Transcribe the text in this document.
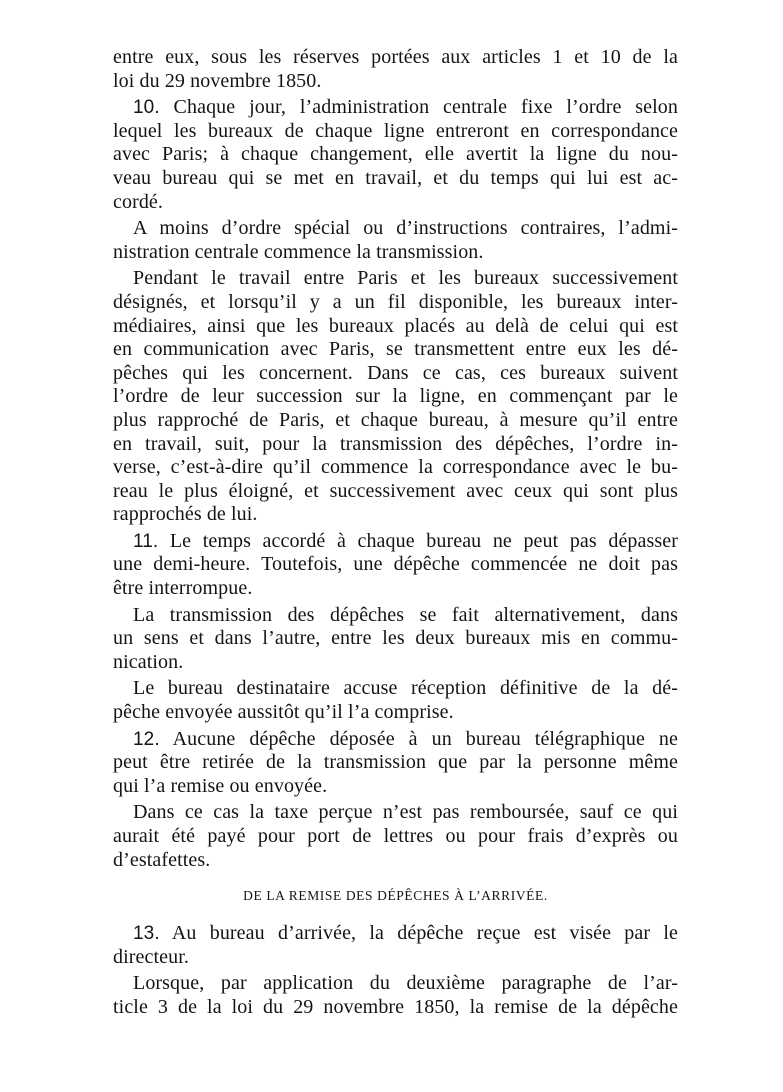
entre eux, sous les réserves portées aux articles 1 et 10 de la
loi du 29 novembre 1850.
10. Chaque jour, l’administration centrale fixe l’ordre selon
lequel les bureaux de chaque ligne entreront en correspondance
avec Paris; à chaque changement, elle avertit la ligne du nou-
veau bureau qui se met en travail, et du temps qui lui est ac-
cordé.
A moins d’ordre spécial ou d’instructions contraires, l’admi-
nistration centrale commence la transmission.
Pendant le travail entre Paris et les bureaux successivement
désignés, et lorsqu’il y a un fil disponible, les bureaux inter-
médiaires, ainsi que les bureaux placés au delà de celui qui est
en communication avec Paris, se transmettent entre eux les dé-
pêches qui les concernent. Dans ce cas, ces bureaux suivent
l’ordre de leur succession sur la ligne, en commençant par le
plus rapproché de Paris, et chaque bureau, à mesure qu’il entre
en travail, suit, pour la transmission des dépêches, l’ordre in-
verse, c’est-à-dire qu’il commence la correspondance avec le bu-
reau le plus éloigné, et successivement avec ceux qui sont plus
rapprochés de lui.
11. Le temps accordé à chaque bureau ne peut pas dépasser
une demi-heure. Toutefois, une dépêche commencée ne doit pas
être interrompue.
La transmission des dépêches se fait alternativement, dans
un sens et dans l’autre, entre les deux bureaux mis en commu-
nication.
Le bureau destinataire accuse réception définitive de la dé-
pêche envoyée aussitôt qu’il l’a comprise.
12. Aucune dépêche déposée à un bureau télégraphique ne
peut être retirée de la transmission que par la personne même
qui l’a remise ou envoyée.
Dans ce cas la taxe perçue n’est pas remboursée, sauf ce qui
aurait été payé pour port de lettres ou pour frais d’exprès ou
d’estafettes.
DE LA REMISE DES DÉPÊCHES À L’ARRIVÉE.
13. Au bureau d’arrivée, la dépêche reçue est visée par le
directeur.
Lorsque, par application du deuxième paragraphe de l’ar-
ticle 3 de la loi du 29 novembre 1850, la remise de la dépêche
